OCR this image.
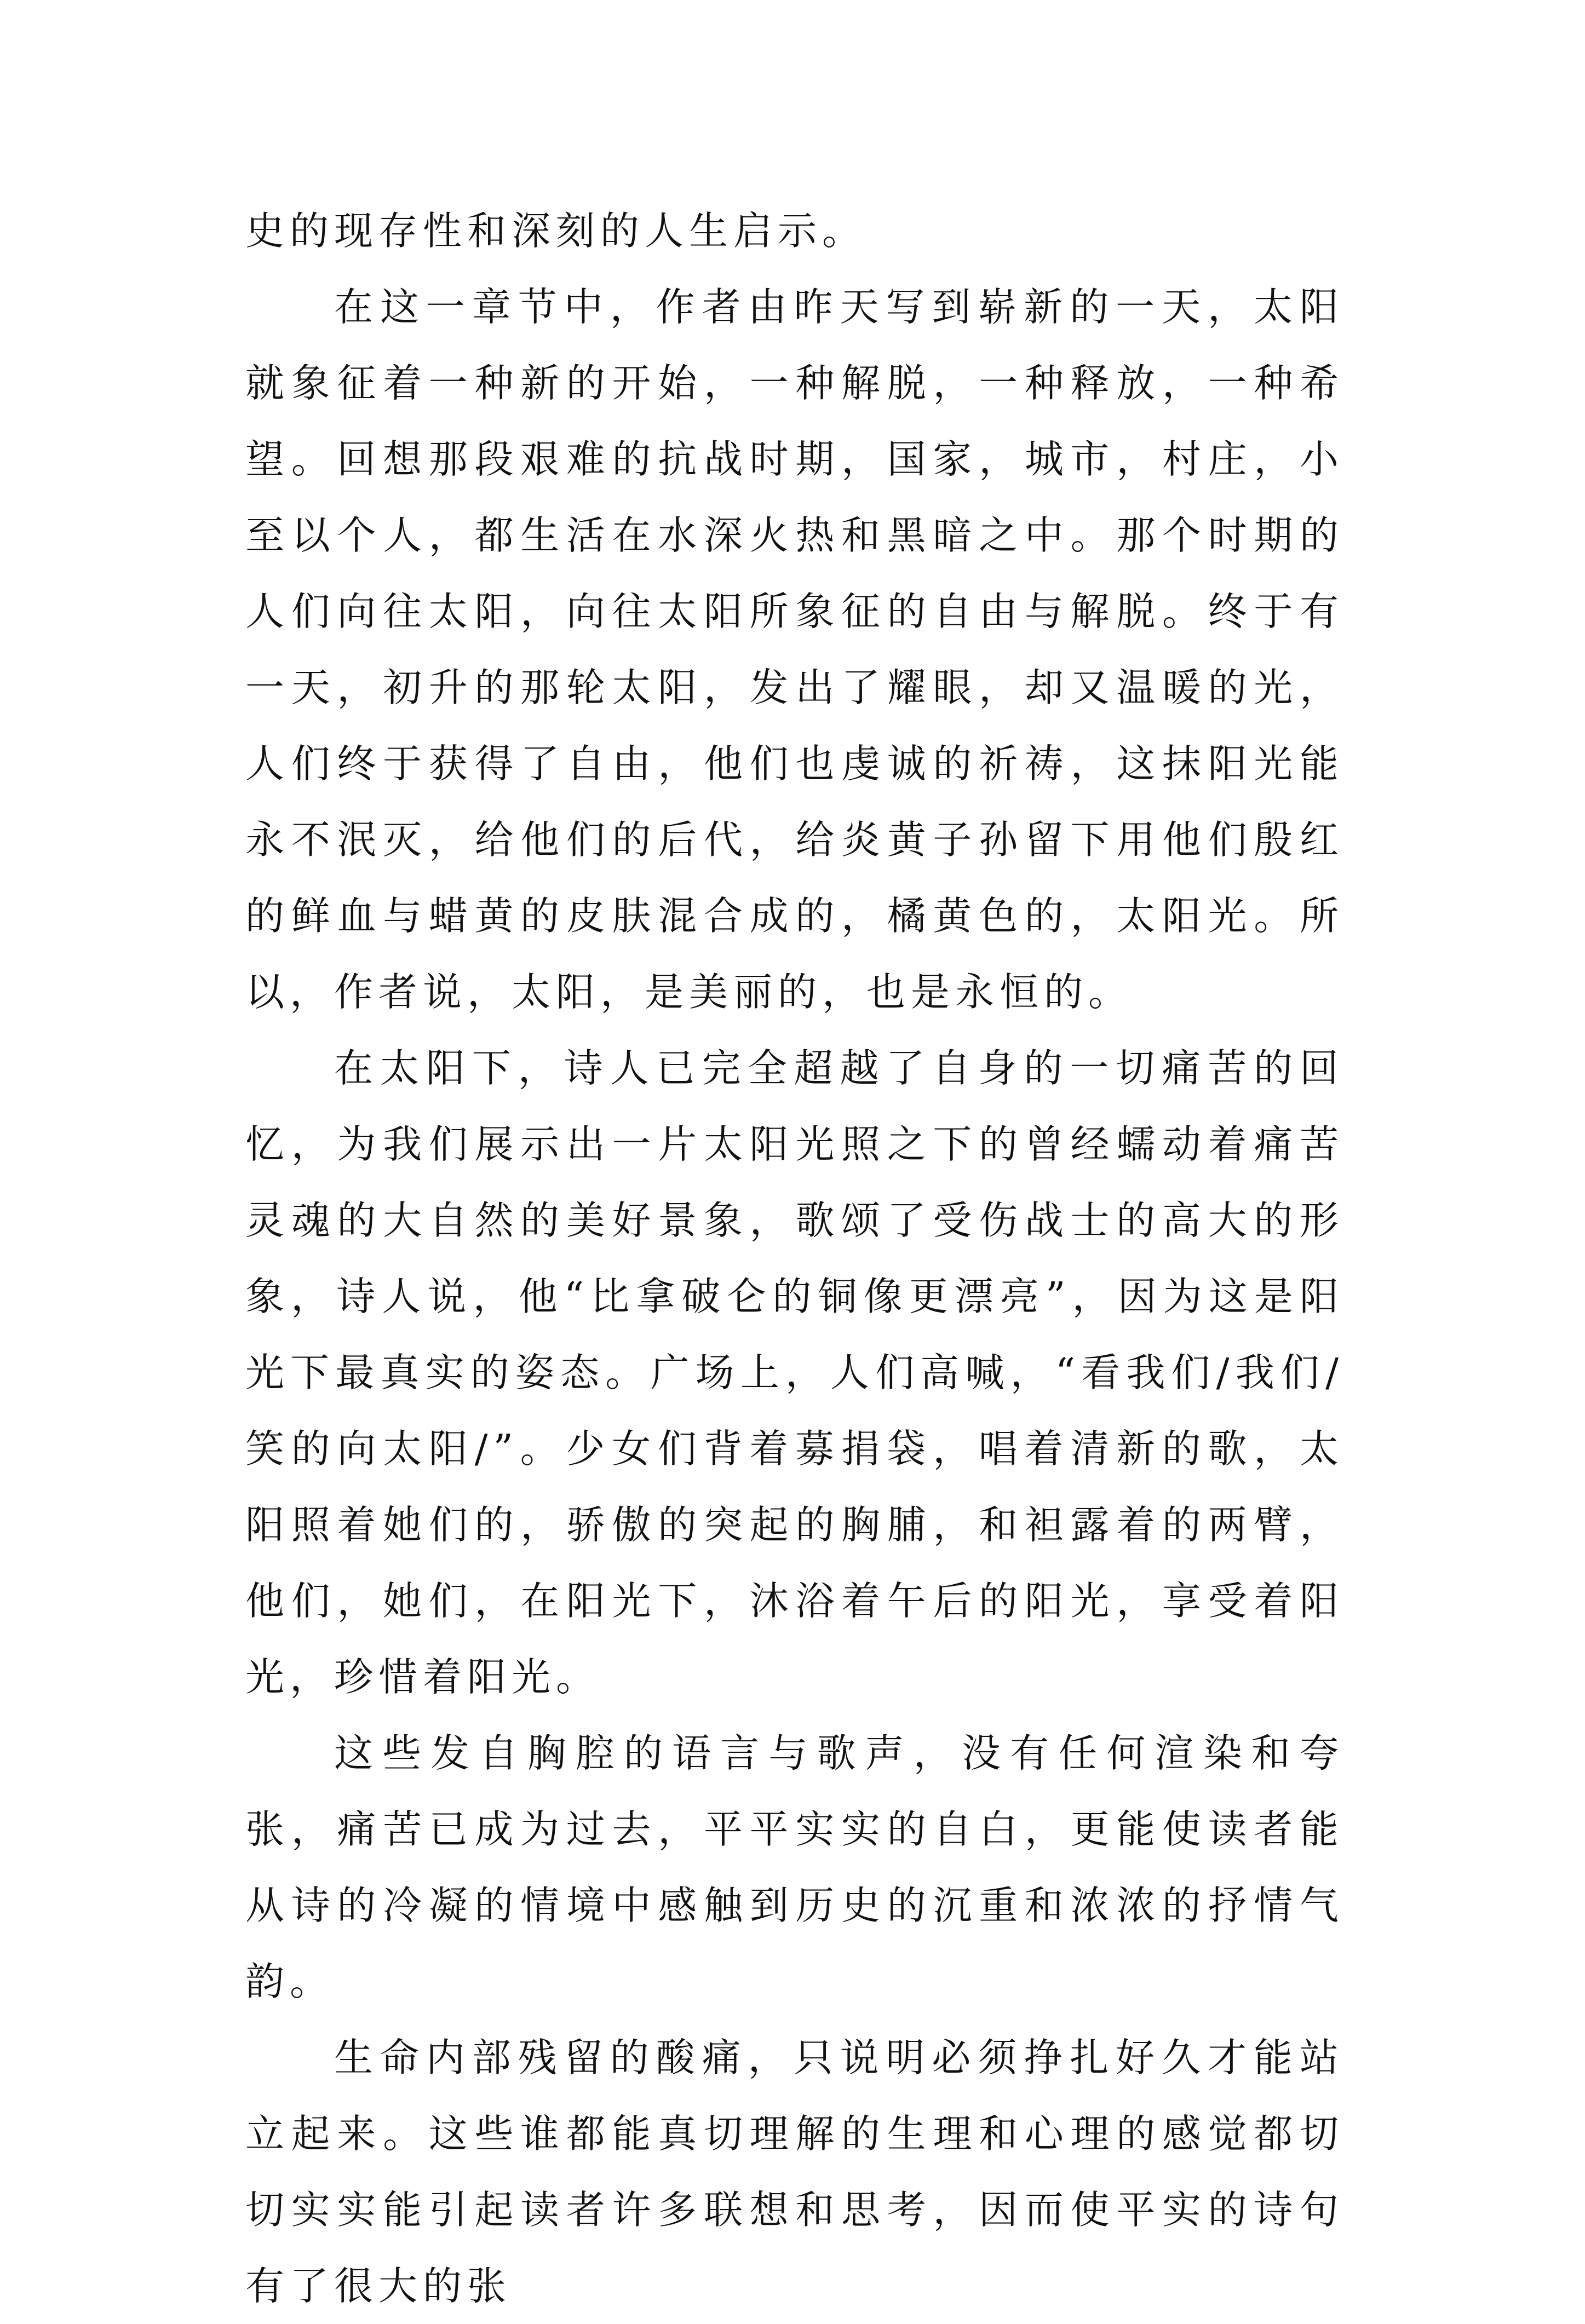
史的现存性和深刻的人生启示。

在这一章节中，作者由昨天写到崭新的一天，太阳就象征着一种新的开始，一种解脱，一种释放，一种希望。回想那段艰难的抗战时期，国家，城市，村庄，小至以个人，都生活在水深火热和黑暗之中。那个时期的人们向往太阳，向往太阳所象征的自由与解脱。终于有一天，初升的那轮太阳，发出了耀眼，却又温暖的光，人们终于获得了自由，他们也虔诚的祈祷，这抹阳光能永不泯灭，给他们的后代，给炎黄子孙留下用他们殷红的鲜血与蜡黄的皮肤混合成的，橘黄色的，太阳光。所以，作者说，太阳，是美丽的，也是永恒的。

在太阳下，诗人已完全超越了自身的一切痛苦的回忆，为我们展示出一片太阳光照之下的曾经蠕动着痛苦灵魂的大自然的美好景象，歌颂了受伤战士的高大的形象，诗人说，他“比拿破仑的铜像更漂亮”，因为这是阳光下最真实的姿态。广场上，人们高喊，“看我们/我们/笑的向太阳/”。少女们背着募捐袋，唱着清新的歌，太阳照着她们的，骄傲的突起的胸脯，和袒露着的两臂，他们，她们，在阳光下，沐浴着午后的阳光，享受着阳光，珍惜着阳光。

这些发自胸腔的语言与歌声，没有任何渲染和夸张，痛苦已成为过去，平平实实的自白，更能使读者能从诗的冷凝的情境中感触到历史的沉重和浓浓的抒情气韵。

生命内部残留的酸痛，只说明必须挣扎好久才能站立起来。这些谁都能真切理解的生理和心理的感觉都切切实实能引起读者许多联想和思考，因而使平实的诗句有了很大的张
